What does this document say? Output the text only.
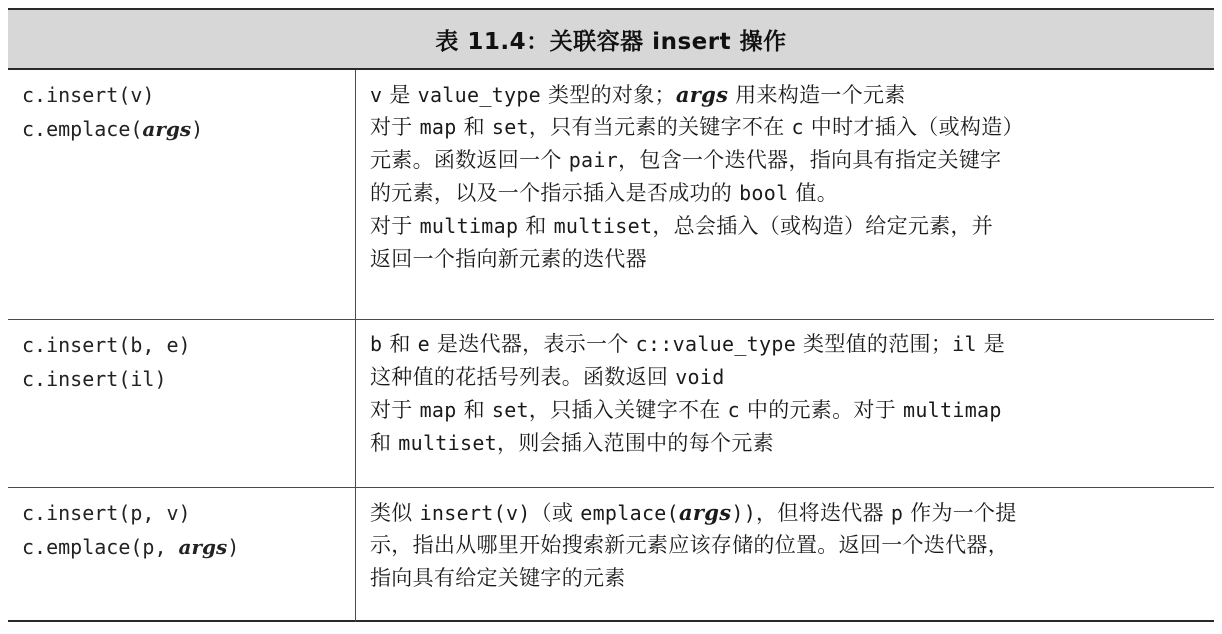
表 11.4：关联容器 insert 操作
c.insert(v)
c.emplace(args)
v 是 value_type 类型的对象；args 用来构造一个元素
对于 map 和 set，只有当元素的关键字不在 c 中时才插入（或构造）
元素。函数返回一个 pair，包含一个迭代器，指向具有指定关键字
的元素，以及一个指示插入是否成功的 bool 值。
对于 multimap 和 multiset，总会插入（或构造）给定元素，并
返回一个指向新元素的迭代器
c.insert(b, e)
c.insert(il)
b 和 e 是迭代器，表示一个 c::value_type 类型值的范围；il 是
这种值的花括号列表。函数返回 void
对于 map 和 set，只插入关键字不在 c 中的元素。对于 multimap
和 multiset，则会插入范围中的每个元素
c.insert(p, v)
c.emplace(p, args)
类似 insert(v)（或 emplace(args))，但将迭代器 p 作为一个提
示，指出从哪里开始搜索新元素应该存储的位置。返回一个迭代器，
指向具有给定关键字的元素
